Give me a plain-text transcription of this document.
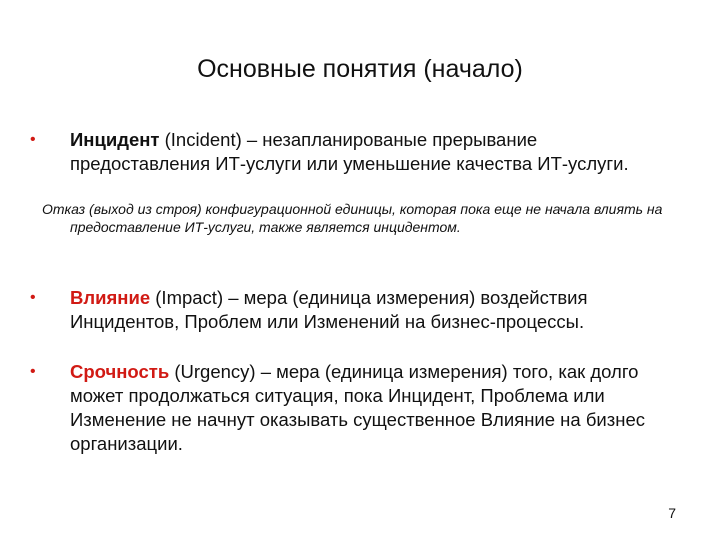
Основные понятия (начало)
•	Инцидент (Incident) – незапланированые прерывание предоставления ИТ-услуги или уменьшение качества ИТ-услуги.
Отказ (выход из строя) конфигурационной единицы, которая пока еще не начала влиять на предоставление ИТ-услуги, также является инцидентом.
•	Влияние (Impact) – мера (единица измерения) воздействия Инцидентов, Проблем или Изменений на бизнес-процессы.
•	Срочность (Urgency) – мера (единица измерения) того, как долго может продолжаться ситуация, пока Инцидент, Проблема или Изменение не начнут оказывать существенное Влияние на бизнес организации.
7
